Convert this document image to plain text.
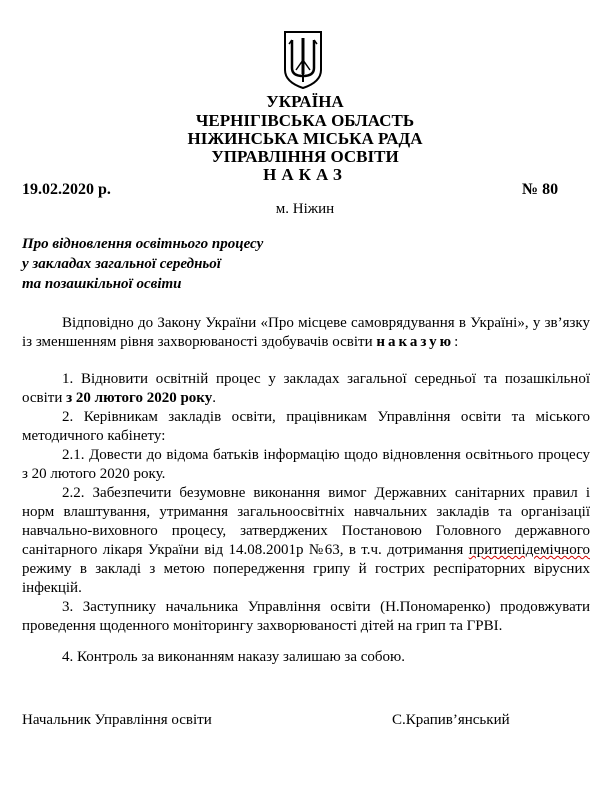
УКРАЇНА
ЧЕРНІГІВСЬКА ОБЛАСТЬ
НІЖИНСЬКА МІСЬКА РАДА
УПРАВЛІННЯ ОСВІТИ
НАКАЗ
19.02.2020 р.	№ 80
м. Ніжин
Про відновлення освітнього процесу
у закладах загальної середньої
та позашкільної освіти

Відповідно до Закону України «Про місцеве самоврядування в Україні», у зв’язку із зменшенням рівня захворюваності здобувачів освіти наказую:

1. Відновити освітній процес у закладах загальної середньої та позашкільної освіти з 20 лютого 2020 року.

2. Керівникам закладів освіти, працівникам Управління освіти та міського методичного кабінету:

2.1. Довести до відома батьків інформацію щодо відновлення освітнього процесу з 20 лютого 2020 року.

2.2. Забезпечити безумовне виконання вимог Державних санітарних правил і норм влаштування, утримання загальноосвітніх навчальних закладів та організації навчально-виховного процесу, затверджених Постановою Головного державного санітарного лікаря України від 14.08.2001р №63, в т.ч. дотримання притиепідемічного режиму в закладі з метою попередження грипу й гострих респіраторних вірусних інфекцій.

3. Заступнику начальника Управління освіти (Н.Пономаренко) продовжувати проведення щоденного моніторингу захворюваності дітей на грип та ГРВІ.

4. Контроль за виконанням наказу залишаю за собою.

Начальник Управління освіти	С.Крапив’янський
